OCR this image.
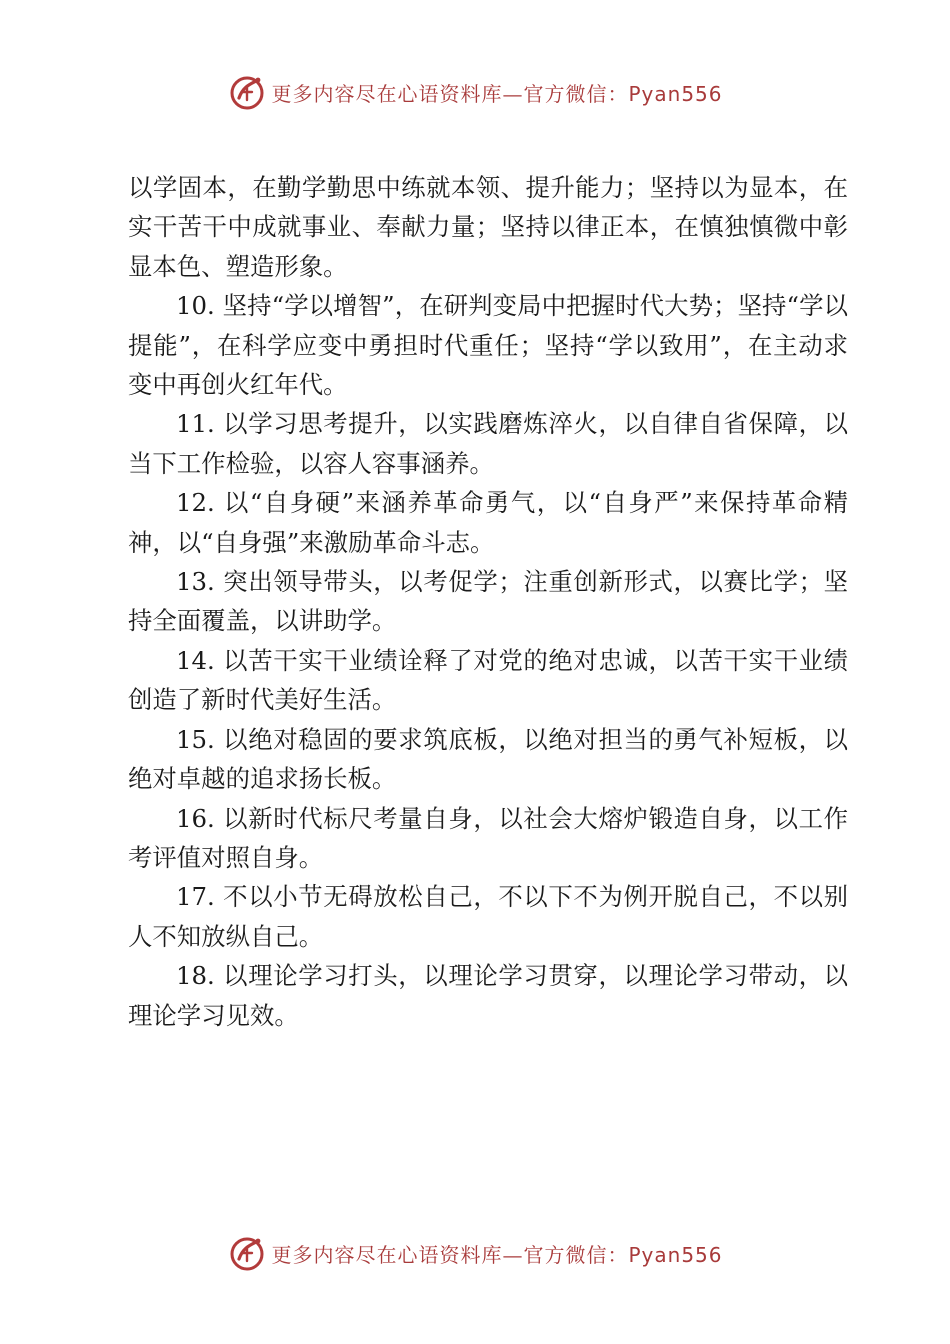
更多内容尽在心语资料库—官方微信：Pyan556

以学固本，在勤学勤思中练就本领、提升能力；坚持以为显本，在实干苦干中成就事业、奉献力量；坚持以律正本，在慎独慎微中彰显本色、塑造形象。

10. 坚持“学以增智”，在研判变局中把握时代大势；坚持“学以提能”，在科学应变中勇担时代重任；坚持“学以致用”，在主动求变中再创火红年代。

11. 以学习思考提升，以实践磨炼淬火，以自律自省保障，以当下工作检验，以容人容事涵养。

12. 以“自身硬”来涵养革命勇气，以“自身严”来保持革命精神，以“自身强”来激励革命斗志。

13. 突出领导带头，以考促学；注重创新形式，以赛比学；坚持全面覆盖，以讲助学。

14. 以苦干实干业绩诠释了对党的绝对忠诚，以苦干实干业绩创造了新时代美好生活。

15. 以绝对稳固的要求筑底板，以绝对担当的勇气补短板，以绝对卓越的追求扬长板。

16. 以新时代标尺考量自身，以社会大熔炉锻造自身，以工作考评值对照自身。

17. 不以小节无碍放松自己，不以下不为例开脱自己，不以别人不知放纵自己。

18. 以理论学习打头，以理论学习贯穿，以理论学习带动，以理论学习见效。

更多内容尽在心语资料库—官方微信：Pyan556
